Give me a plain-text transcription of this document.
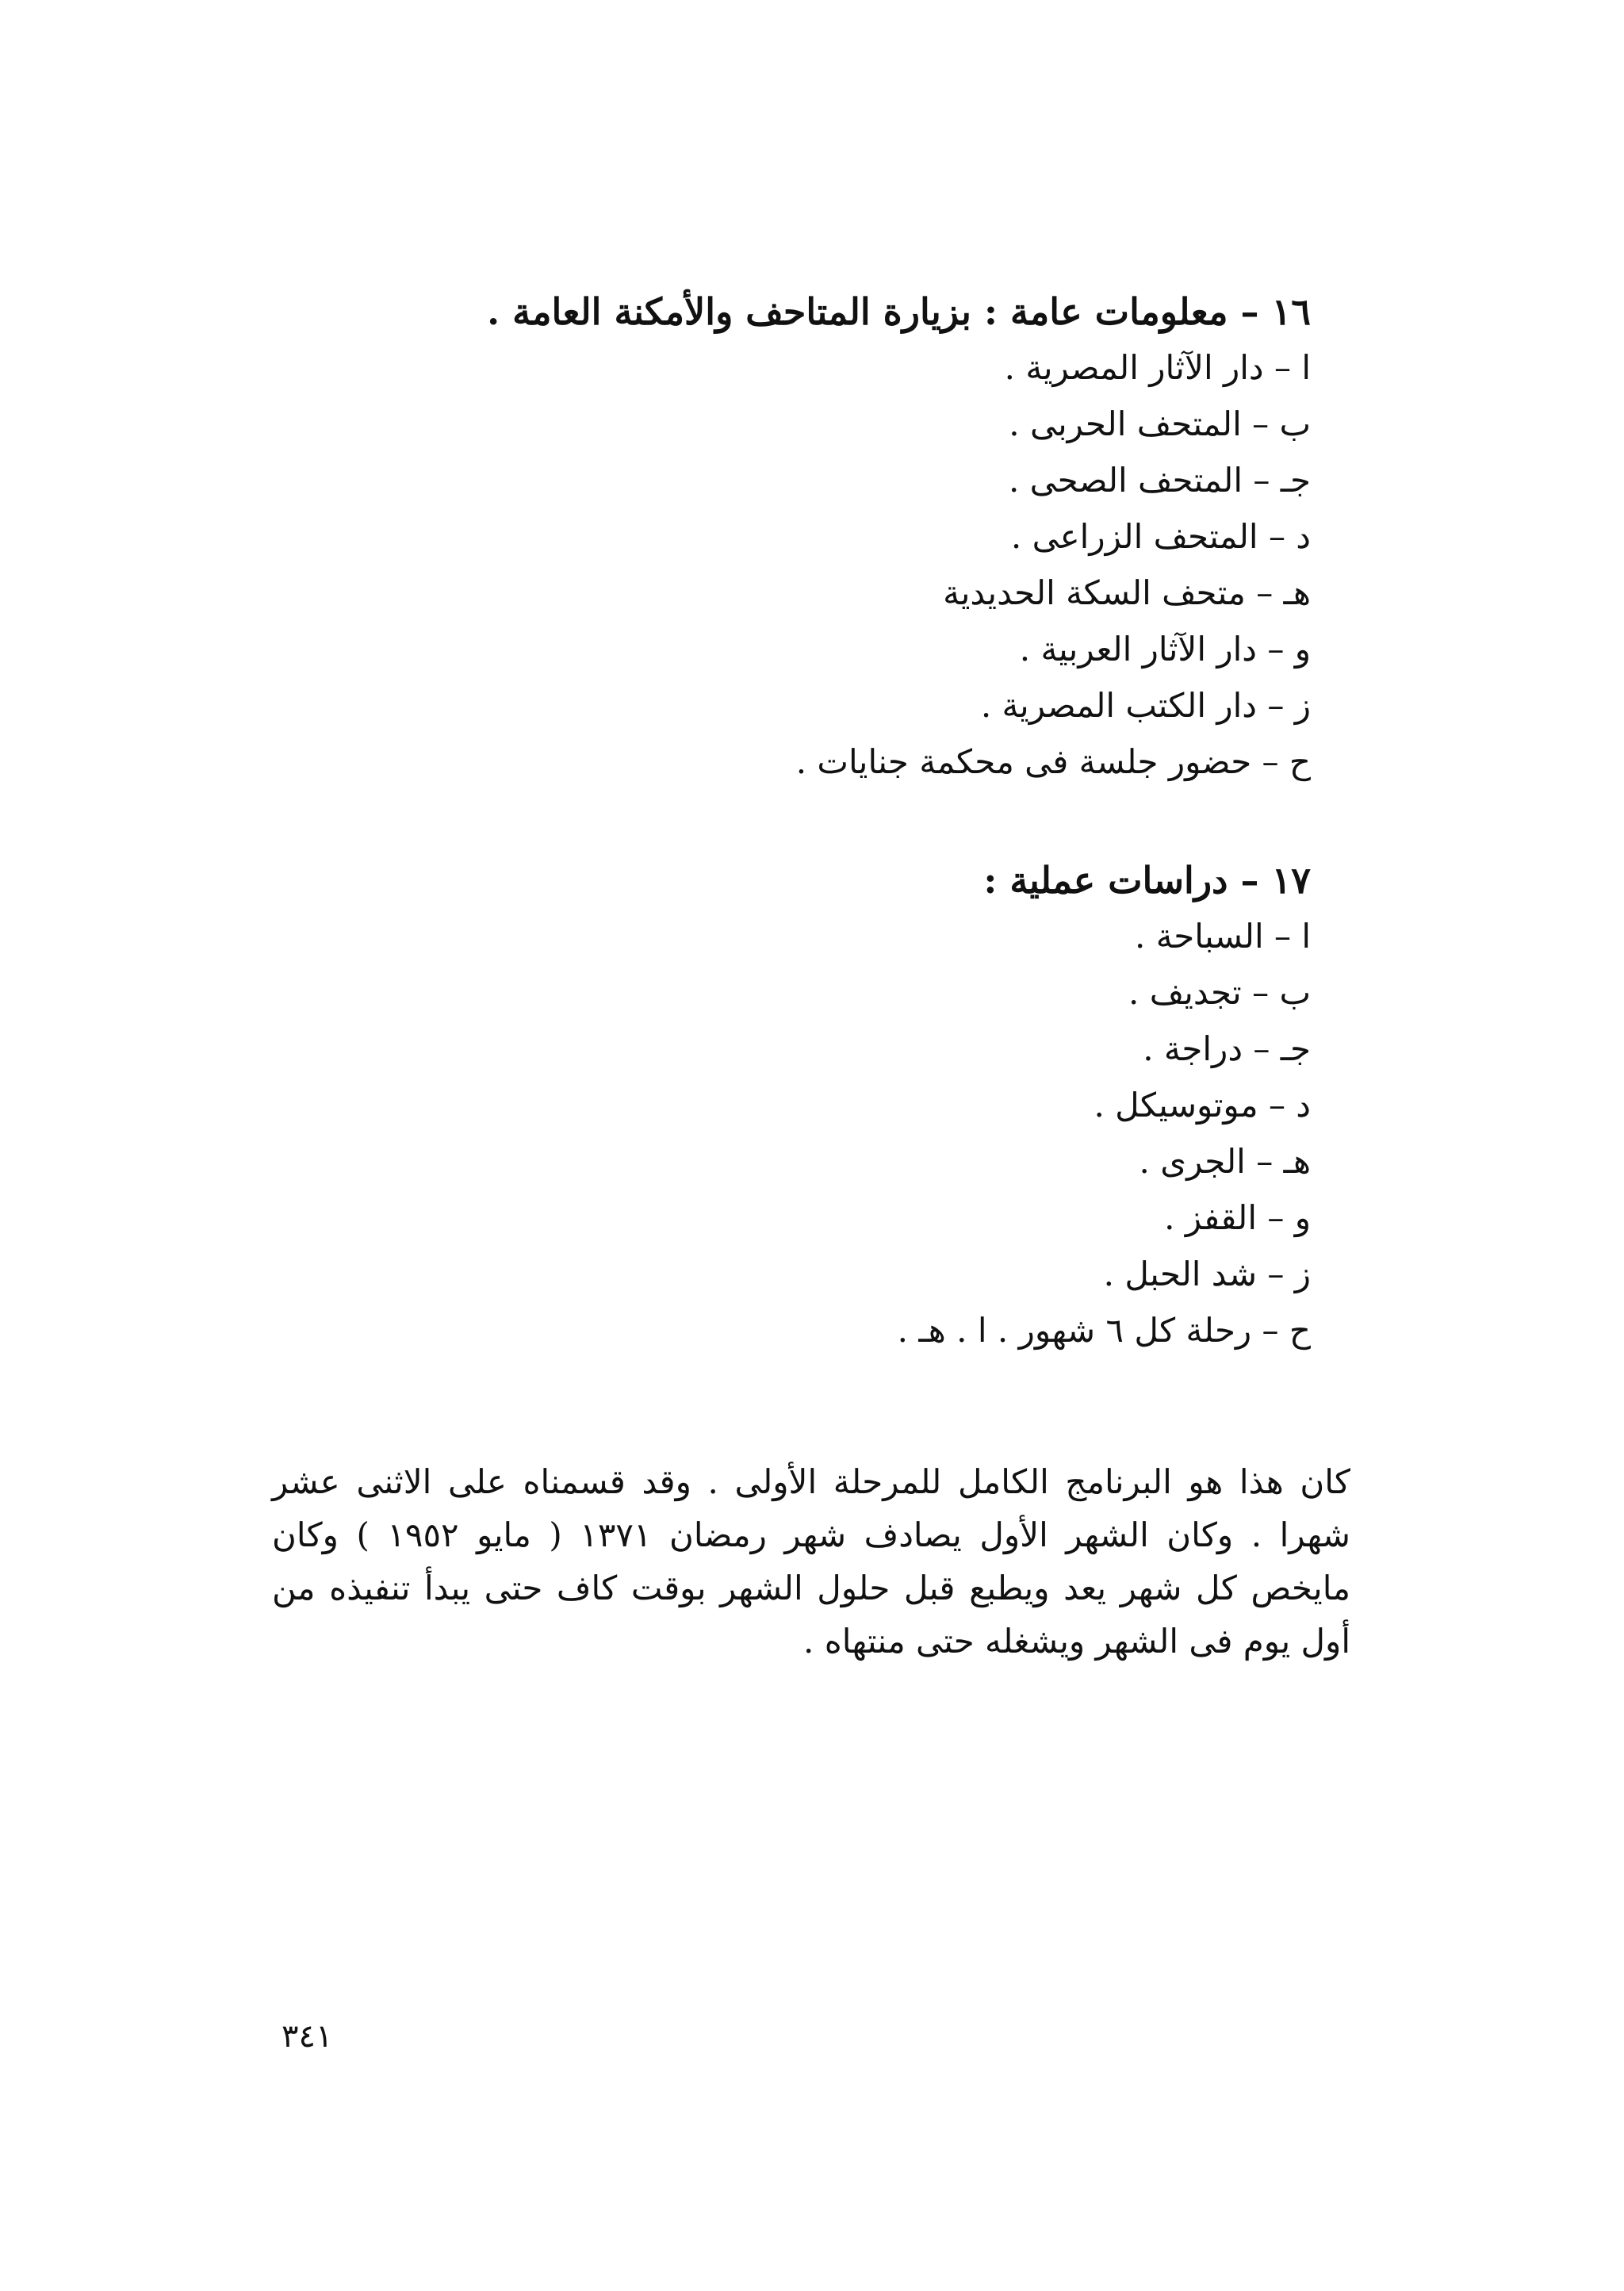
١٦ – معلومات عامة : بزيارة المتاحف والأمكنة العامة .

ا – دار الآثار المصرية .

ب – المتحف الحربى .

جـ – المتحف الصحى .

د – المتحف الزراعى .

هـ – متحف السكة الحديدية

و – دار الآثار العربية .

ز – دار الكتب المصرية .

ح – حضور جلسة فى محكمة جنايات .

١٧ – دراسات عملية :

ا – السباحة .

ب – تجديف .

جـ – دراجة .

د – موتوسيكل .

هـ – الجرى .

و – القفز .

ز – شد الحبل .

ح – رحلة كل ٦ شهور . ا . هـ .

كان هذا هو البرنامج الكامل للمرحلة الأولى . وقد قسمناه على الاثنى عشر شهرا . وكان الشهر الأول يصادف شهر رمضان ١٣٧١ ( مايو ١٩٥٢ ) وكان مايخص كل شهر يعد ويطبع قبل حلول الشهر بوقت كاف حتى يبدأ تنفيذه من أول يوم فى الشهر ويشغله حتى منتهاه .

٣٤١
